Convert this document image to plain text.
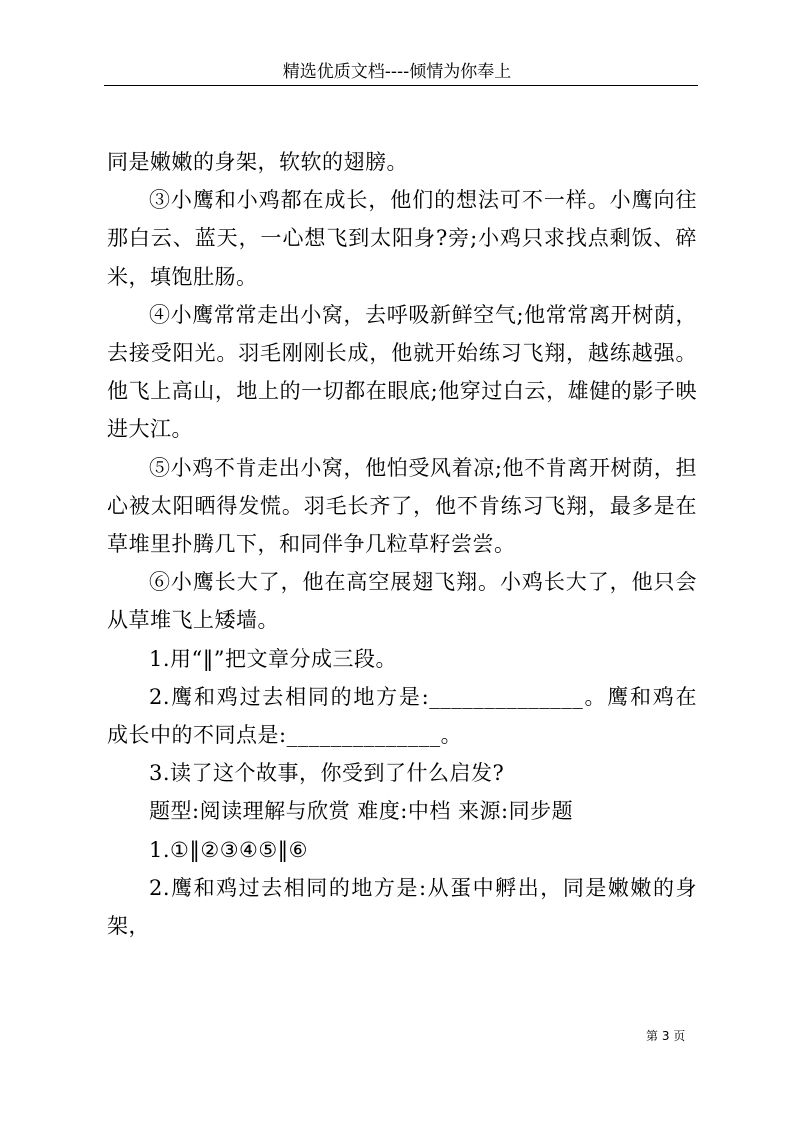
精选优质文档----倾情为你奉上

同是嫩嫩的身架，软软的翅膀。

③小鹰和小鸡都在成长，他们的想法可不一样。小鹰向往那白云、蓝天，一心想飞到太阳身?旁;小鸡只求找点剩饭、碎米，填饱肚肠。

④小鹰常常走出小窝，去呼吸新鲜空气;他常常离开树荫，去接受阳光。羽毛刚刚长成，他就开始练习飞翔，越练越强。他飞上高山，地上的一切都在眼底;他穿过白云，雄健的影子映进大江。

⑤小鸡不肯走出小窝，他怕受风着凉;他不肯离开树荫，担心被太阳晒得发慌。羽毛长齐了，他不肯练习飞翔，最多是在草堆里扑腾几下，和同伴争几粒草籽尝尝。

⑥小鹰长大了，他在高空展翅飞翔。小鸡长大了，他只会从草堆飞上矮墙。

1.用“‖”把文章分成三段。

2.鹰和鸡过去相同的地方是:______________。鹰和鸡在成长中的不同点是:______________。

3.读了这个故事，你受到了什么启发?

题型:阅读理解与欣赏 难度:中档 来源:同步题

1.①‖②③④⑤‖⑥

2.鹰和鸡过去相同的地方是:从蛋中孵出，同是嫩嫩的身架，

第 3 页
